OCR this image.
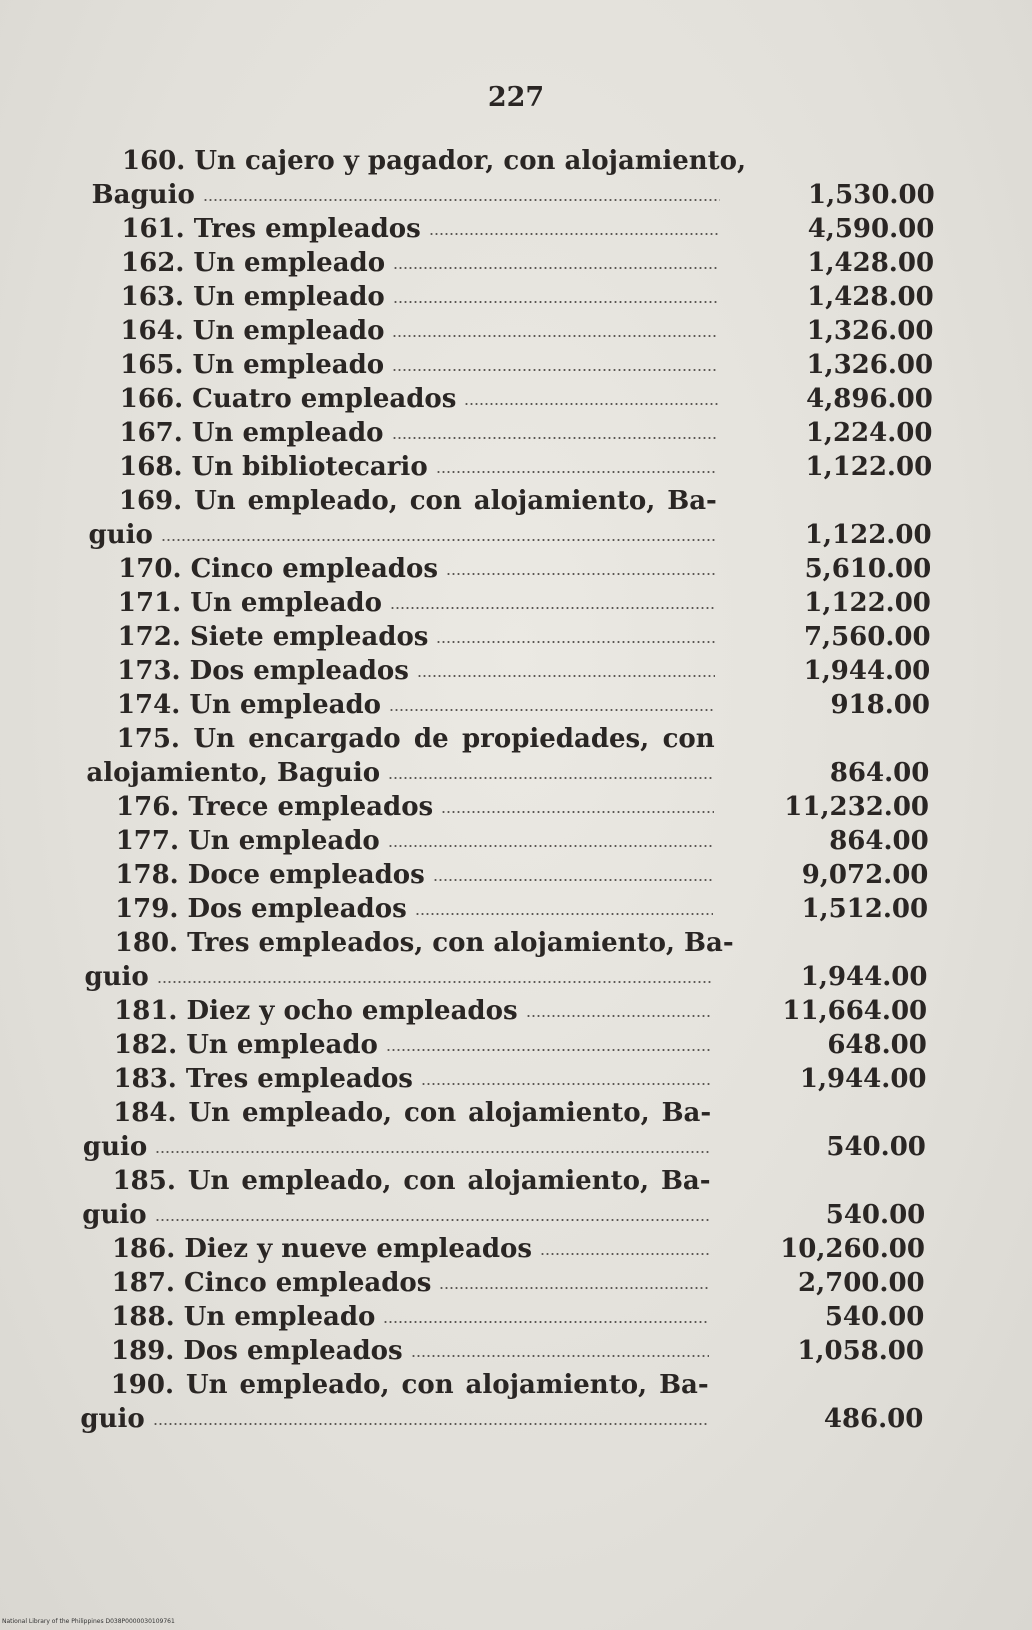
227
160. Un cajero y pagador, con alojamiento,
1,530.00
Baguio
4,590.00
161. Tres empleados
1,428.00
162. Un empleado
1,428.00
163. Un empleado
1,326.00
164. Un empleado
1,326.00
165. Un empleado
4,896.00
166. Cuatro empleados
1,224.00
167. Un empleado
1,122.00
168. Un bibliotecario
169. Un empleado, con alojamiento, Ba-
1,122.00
guio
5,610.00
170. Cinco empleados
1,122.00
171. Un empleado
7,560.00
172. Siete empleados
1,944.00
173. Dos empleados
918.00
174. Un empleado
175. Un encargado de propiedades, con
864.00
alojamiento, Baguio
11,232.00
176. Trece empleados
864.00
177. Un empleado
9,072.00
178. Doce empleados
1,512.00
179. Dos empleados
180. Tres empleados, con alojamiento, Ba-
1,944.00
guio
11,664.00
181. Diez y ocho empleados
648.00
182. Un empleado
1,944.00
183. Tres empleados
184. Un empleado, con alojamiento, Ba-
540.00
guio
185. Un empleado, con alojamiento, Ba-
540.00
guio
10,260.00
186. Diez y nueve empleados
2,700.00
187. Cinco empleados
540.00
188. Un empleado
1,058.00
189. Dos empleados
190. Un empleado, con alojamiento, Ba-
486.00
guio
National Library of the Philippines D038P0000030109761
